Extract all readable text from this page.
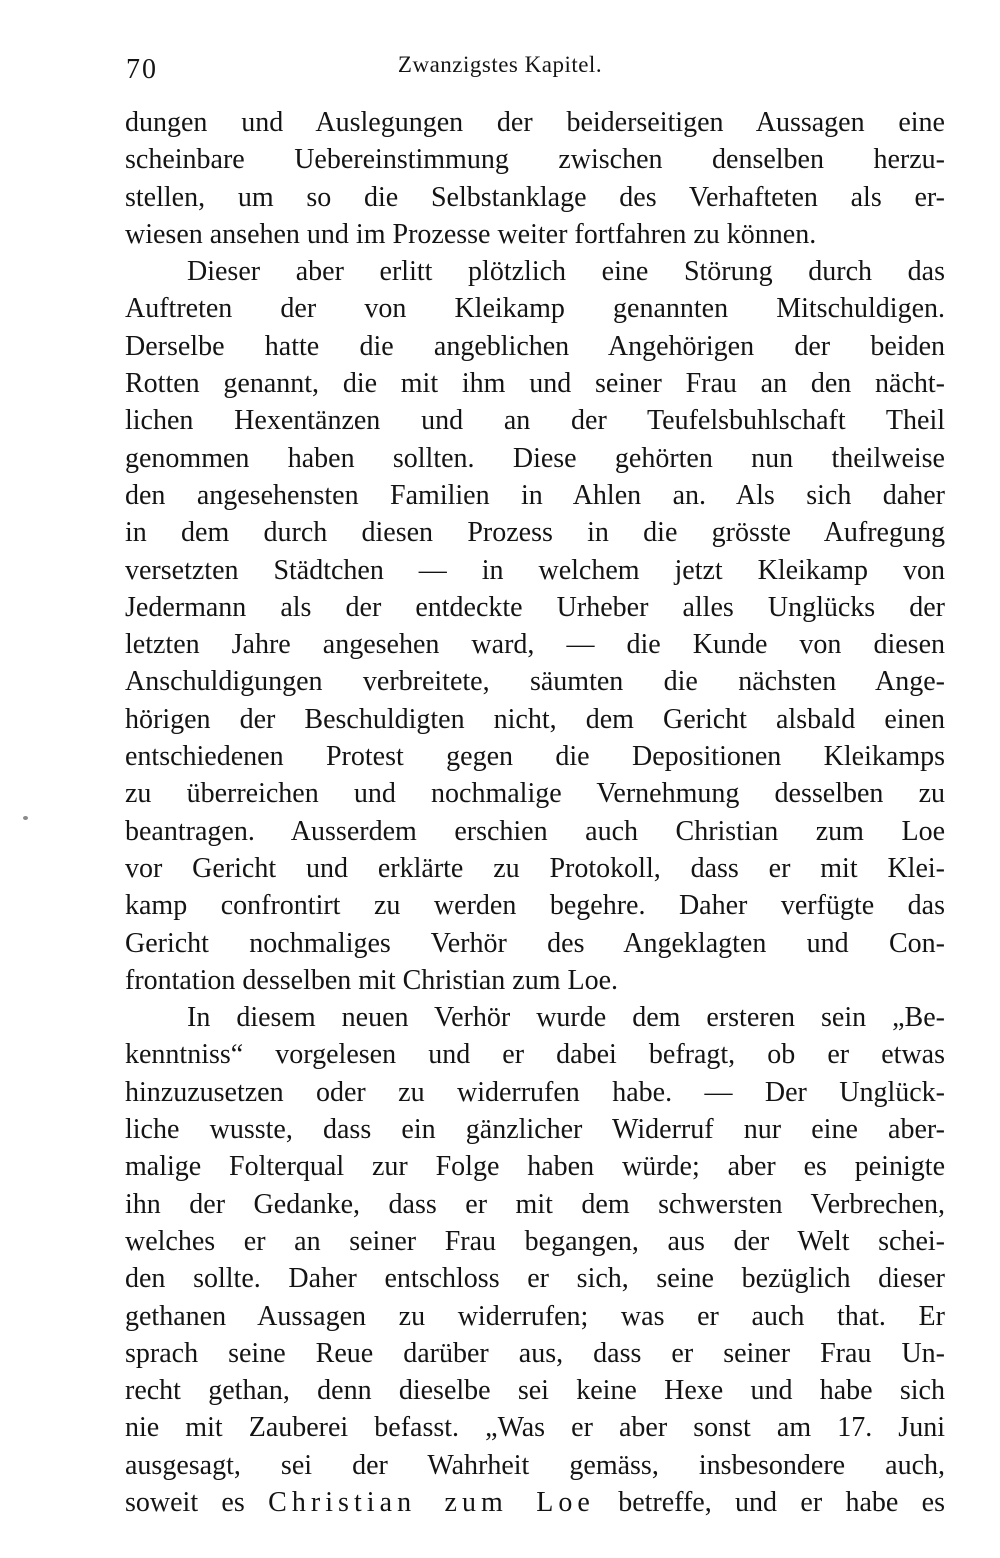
70	Zwanzigstes Kapitel.
dungen und Auslegungen der beiderseitigen Aussagen eine
scheinbare Uebereinstimmung zwischen denselben herzu-
stellen, um so die Selbstanklage des Verhafteten als er-
wiesen ansehen und im Prozesse weiter fortfahren zu können.
Dieser aber erlitt plötzlich eine Störung durch das
Auftreten der von Kleikamp genannten Mitschuldigen.
Derselbe hatte die angeblichen Angehörigen der beiden
Rotten genannt, die mit ihm und seiner Frau an den nächt-
lichen Hexentänzen und an der Teufelsbuhlschaft Theil
genommen haben sollten. Diese gehörten nun theilweise
den angesehensten Familien in Ahlen an. Als sich daher
in dem durch diesen Prozess in die grösste Aufregung
versetzten Städtchen — in welchem jetzt Kleikamp von
Jedermann als der entdeckte Urheber alles Unglücks der
letzten Jahre angesehen ward, — die Kunde von diesen
Anschuldigungen verbreitete, säumten die nächsten Ange-
hörigen der Beschuldigten nicht, dem Gericht alsbald einen
entschiedenen Protest gegen die Depositionen Kleikamps
zu überreichen und nochmalige Vernehmung desselben zu
beantragen. Ausserdem erschien auch Christian zum Loe
vor Gericht und erklärte zu Protokoll, dass er mit Klei-
kamp confrontirt zu werden begehre. Daher verfügte das
Gericht nochmaliges Verhör des Angeklagten und Con-
frontation desselben mit Christian zum Loe.
In diesem neuen Verhör wurde dem ersteren sein „Be-
kenntniss“ vorgelesen und er dabei befragt, ob er etwas
hinzuzusetzen oder zu widerrufen habe. — Der Unglück-
liche wusste, dass ein gänzlicher Widerruf nur eine aber-
malige Folterqual zur Folge haben würde; aber es peinigte
ihn der Gedanke, dass er mit dem schwersten Verbrechen,
welches er an seiner Frau begangen, aus der Welt schei-
den sollte. Daher entschloss er sich, seine bezüglich dieser
gethanen Aussagen zu widerrufen; was er auch that. Er
sprach seine Reue darüber aus, dass er seiner Frau Un-
recht gethan, denn dieselbe sei keine Hexe und habe sich
nie mit Zauberei befasst. „Was er aber sonst am 17. Juni
ausgesagt, sei der Wahrheit gemäss, insbesondere auch,
soweit es Christian zum Loe betreffe, und er habe es
